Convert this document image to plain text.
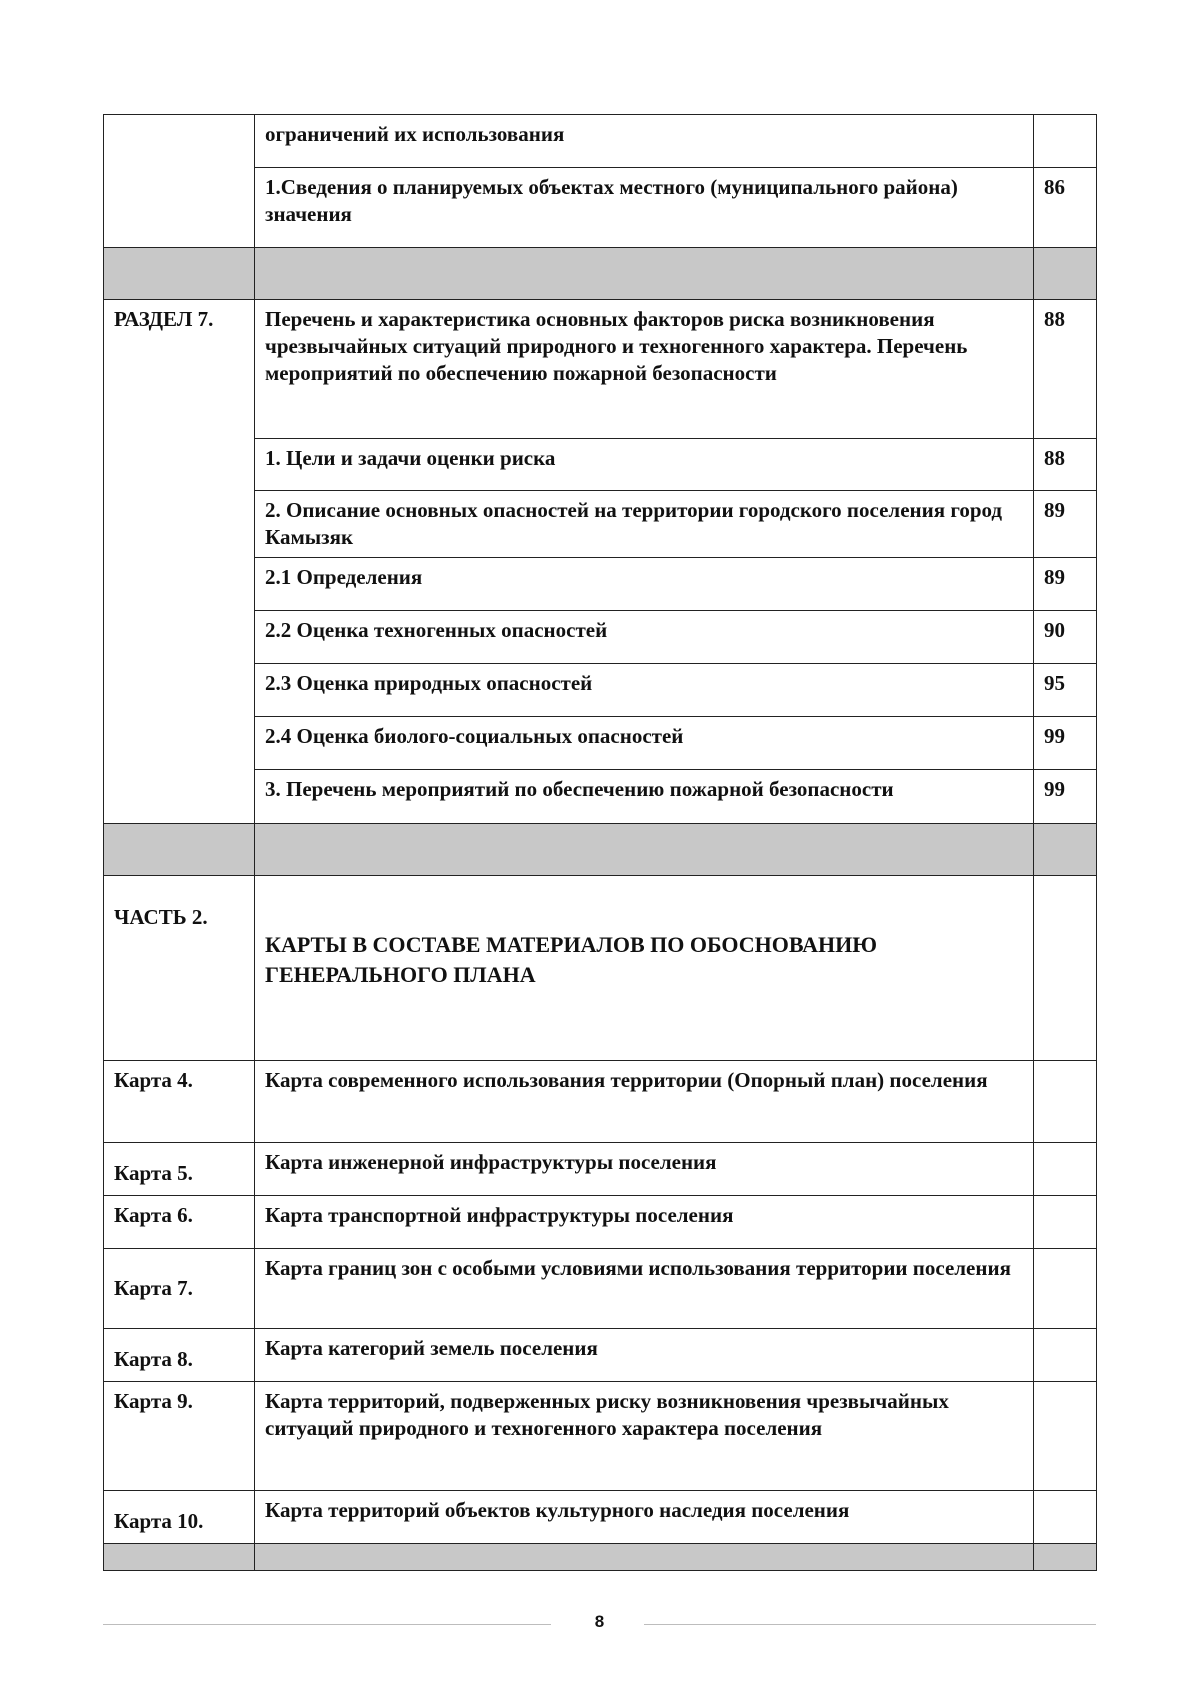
	ограничений их использования	
	1.Сведения о планируемых объектах местного (муниципального района) значения	86

РАЗДЕЛ 7.	Перечень и характеристика основных факторов риска возникновения чрезвычайных ситуаций природного и техногенного характера. Перечень мероприятий по обеспечению пожарной безопасности	88
	1. Цели и задачи оценки риска	88
	2. Описание основных опасностей на территории городского поселения город Камызяк	89
	2.1 Определения	89
	2.2 Оценка техногенных опасностей	90
	2.3 Оценка природных опасностей	95
	2.4 Оценка биолого-социальных опасностей	99
	3. Перечень мероприятий по обеспечению пожарной безопасности	99

ЧАСТЬ 2.	КАРТЫ В СОСТАВЕ МАТЕРИАЛОВ ПО ОБОСНОВАНИЮ ГЕНЕРАЛЬНОГО ПЛАНА	
Карта 4.	Карта современного использования территории (Опорный план) поселения	
Карта 5.	Карта инженерной инфраструктуры поселения	
Карта 6.	Карта транспортной инфраструктуры поселения	
Карта 7.	Карта границ зон с особыми условиями использования территории поселения	
Карта 8.	Карта категорий земель поселения	
Карта 9.	Карта территорий, подверженных риску возникновения чрезвычайных ситуаций природного и техногенного характера поселения	
Карта 10.	Карта территорий объектов культурного наследия поселения	

8
